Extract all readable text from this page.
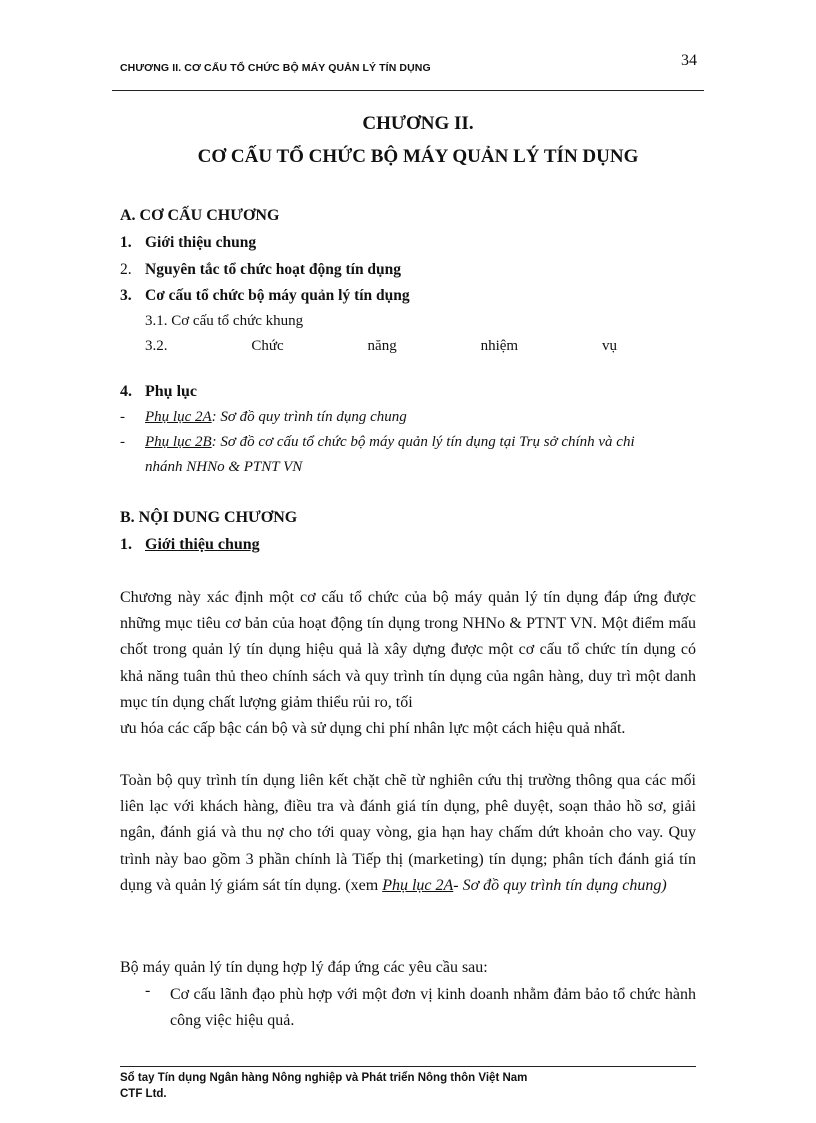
CHƯƠNG II. CƠ CẤU TỔ CHỨC BỘ MÁY QUẢN LÝ TÍN DỤNG	34
CHƯƠNG II.
CƠ CẤU TỔ CHỨC BỘ MÁY QUẢN LÝ TÍN DỤNG
A. CƠ CẤU CHƯƠNG
1. Giới thiệu chung
2. Nguyên tắc tổ chức hoạt động tín dụng
3. Cơ cấu tổ chức bộ máy quản lý tín dụng
3.1. Cơ cấu tổ chức khung
3.2.	Chức	năng	nhiệm	vụ
4. Phụ lục
- Phụ lục 2A: Sơ đồ quy trình tín dụng chung
- Phụ lục 2B: Sơ đồ cơ cấu tổ chức bộ máy quản lý tín dụng tại Trụ sở chính và chi
nhánh NHNo & PTNT VN
B. NỘI DUNG CHƯƠNG
1. Giới thiệu chung
Chương này xác định một cơ cấu tổ chức của bộ máy quản lý tín dụng đáp ứng được những mục tiêu cơ bản của hoạt động tín dụng trong NHNo & PTNT VN. Một điểm mấu chốt trong quản lý tín dụng hiệu quả là xây dựng được một cơ cấu tổ chức tín dụng có khả năng tuân thủ theo chính sách và quy trình tín dụng của ngân hàng, duy trì một danh mục tín dụng chất lượng giảm thiểu rủi ro, tối
ưu hóa các cấp bậc cán bộ và sử dụng chi phí nhân lực một cách hiệu quả nhất.
Toàn bộ quy trình tín dụng liên kết chặt chẽ từ nghiên cứu thị trường thông qua các mối liên lạc với khách hàng, điều tra và đánh giá tín dụng, phê duyệt, soạn thảo hồ sơ, giải ngân, đánh giá và thu nợ cho tới quay vòng, gia hạn hay chấm dứt khoản cho vay. Quy trình này bao gồm 3 phần chính là Tiếp thị (marketing) tín dụng; phân tích đánh giá tín dụng và quản lý giám sát tín dụng. (xem Phụ lục 2A- Sơ đồ quy trình tín dụng chung)
Bộ máy quản lý tín dụng hợp lý đáp ứng các yêu cầu sau:
- Cơ cấu lãnh đạo phù hợp với một đơn vị kinh doanh nhằm đảm bảo tổ chức hành công việc hiệu quả.
Sổ tay Tín dụng Ngân hàng Nông nghiệp và Phát triển Nông thôn Việt Nam
CTF Ltd.
